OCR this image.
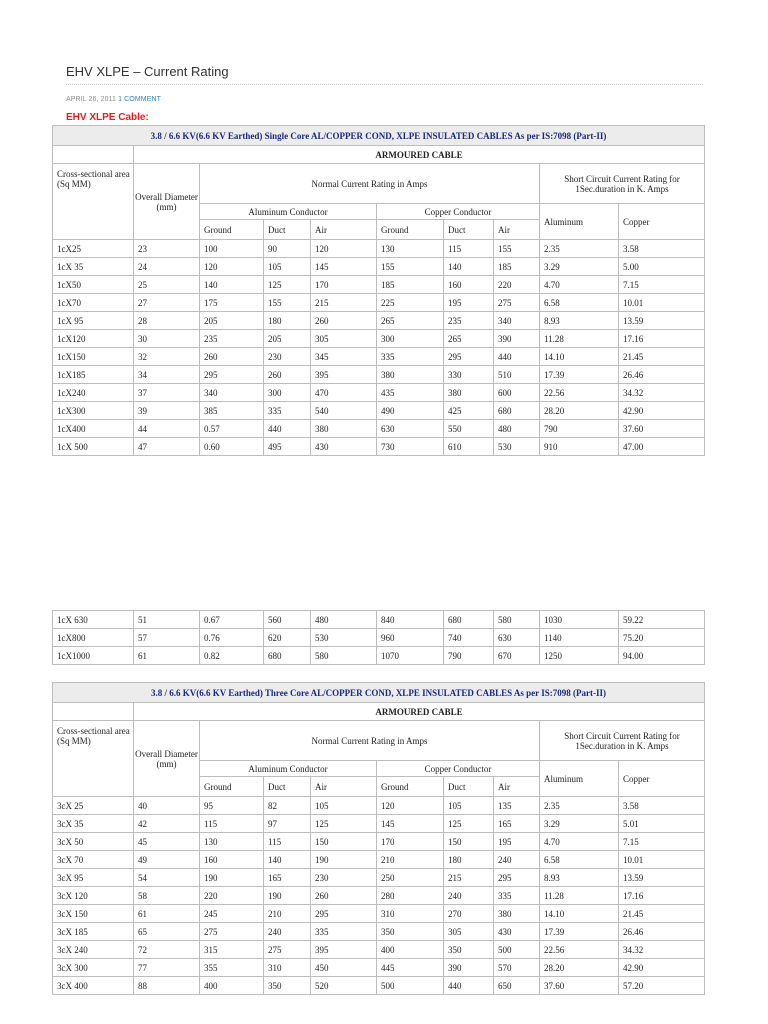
EHV XLPE – Current Rating
APRIL 26, 2011 1 COMMENT
EHV XLPE Cable:
3.8 / 6.6 KV(6.6 KV Earthed) Single Core AL/COPPER COND, XLPE INSULATED CABLES As per IS:7098 (Part-II)									
	ARMOURED CABLE								
Cross-sectional area (Sq MM)	Overall Diameter (mm)	Normal Current Rating in Amps						Short Circuit Current Rating for 1Sec.duration in K. Amps	
		Aluminum Conductor			Copper Conductor			Aluminum	Copper
		Ground	Duct	Air	Ground	Duct	Air		
1cX25	23	100	90	120	130	115	155	2.35	3.58
1cX 35	24	120	105	145	155	140	185	3.29	5.00
1cX50	25	140	125	170	185	160	220	4.70	7.15
1cX70	27	175	155	215	225	195	275	6.58	10.01
1cX 95	28	205	180	260	265	235	340	8.93	13.59
1cX120	30	235	205	305	300	265	390	11.28	17.16
1cX150	32	260	230	345	335	295	440	14.10	21.45
1cX185	34	295	260	395	380	330	510	17.39	26.46
1cX240	37	340	300	470	435	380	600	22.56	34.32
1cX300	39	385	335	540	490	425	680	28.20	42.90
1cX400	44	0.57	440	380	630	550	480	790	37.60
1cX 500	47	0.60	495	430	730	610	530	910	47.00
1cX 630	51	0.67	560	480	840	680	580	1030	59.22
1cX800	57	0.76	620	530	960	740	630	1140	75.20
1cX1000	61	0.82	680	580	1070	790	670	1250	94.00
3.8 / 6.6 KV(6.6 KV Earthed) Three Core AL/COPPER COND, XLPE INSULATED CABLES As per IS:7098 (Part-II)									
	ARMOURED CABLE								
Cross-sectional area (Sq MM)	Overall Diameter (mm)	Normal Current Rating in Amps						Short Circuit Current Rating for 1Sec.duration in K. Amps	
		Aluminum Conductor			Copper Conductor			Aluminum	Copper
		Ground	Duct	Air	Ground	Duct	Air		
3cX 25	40	95	82	105	120	105	135	2.35	3.58
3cX 35	42	115	97	125	145	125	165	3.29	5.01
3cX 50	45	130	115	150	170	150	195	4.70	7.15
3cX 70	49	160	140	190	210	180	240	6.58	10.01
3cX 95	54	190	165	230	250	215	295	8.93	13.59
3cX 120	58	220	190	260	280	240	335	11.28	17.16
3cX 150	61	245	210	295	310	270	380	14.10	21.45
3cX 185	65	275	240	335	350	305	430	17.39	26.46
3cX 240	72	315	275	395	400	350	500	22.56	34.32
3cX 300	77	355	310	450	445	390	570	28.20	42.90
3cX 400	88	400	350	520	500	440	650	37.60	57.20
